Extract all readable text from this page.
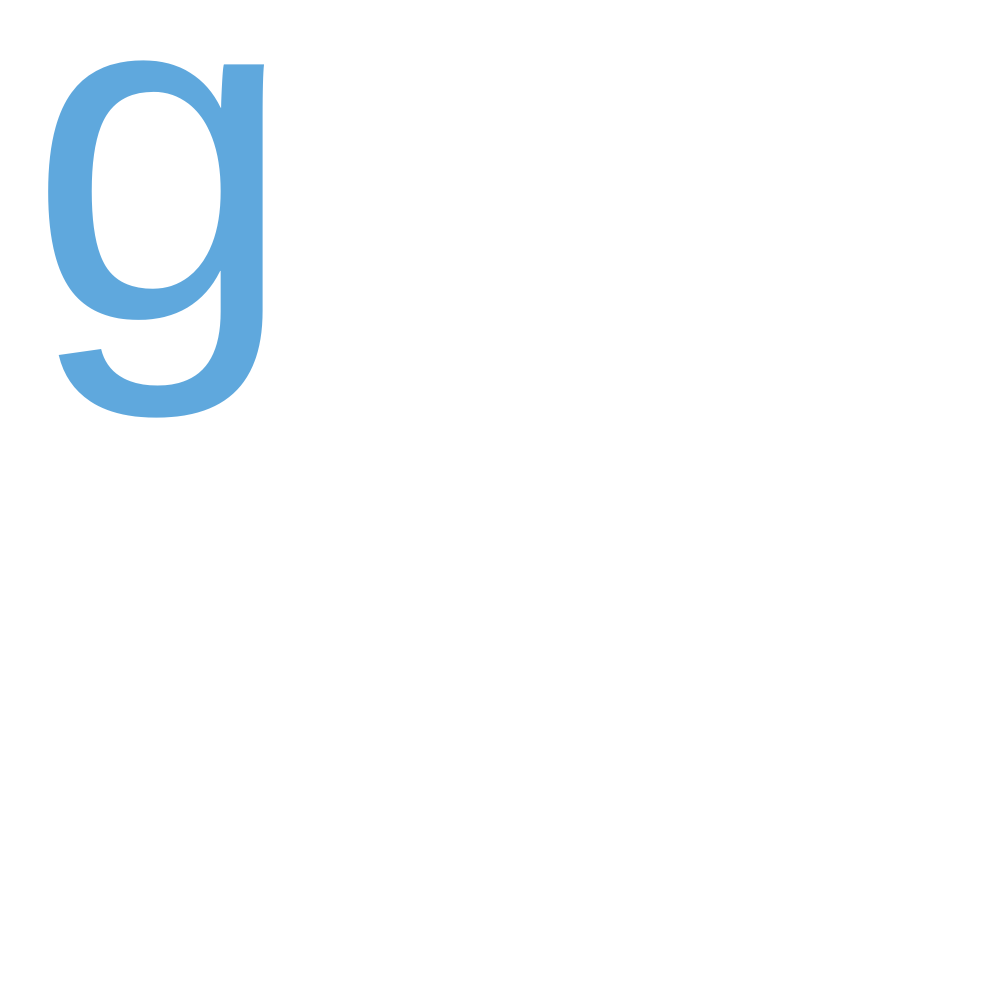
g
